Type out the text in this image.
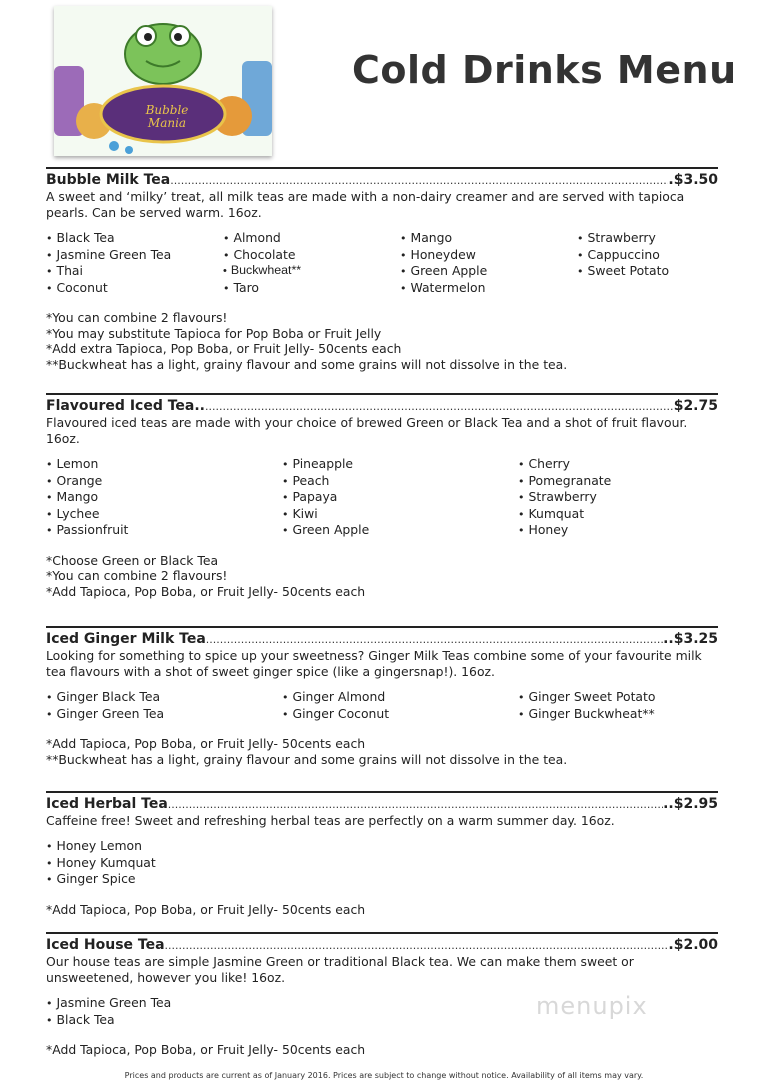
Bubble Mania
Cold Drinks Menu
Bubble Milk Tea .....	.$3.50
A sweet and ‘milky’ treat, all milk teas are made with a non-dairy creamer and are served with tapioca pearls. Can be served warm. 16oz.
• Black Tea	• Almond	• Mango	• Strawberry
• Jasmine Green Tea	• Chocolate	• Honeydew	• Cappuccino
• Thai	• Buckwheat**	• Green Apple	• Sweet Potato
• Coconut	• Taro	• Watermelon
*You can combine 2 flavours!
*You may substitute Tapioca for Pop Boba or Fruit Jelly
*Add extra Tapioca, Pop Boba, or Fruit Jelly- 50cents each
**Buckwheat has a light, grainy flavour and some grains will not dissolve in the tea.
Flavoured Iced Tea.. .....	$2.75
Flavoured iced teas are made with your choice of brewed Green or Black Tea and a shot of fruit flavour. 16oz.
• Lemon	• Pineapple	• Cherry
• Orange	• Peach	• Pomegranate
• Mango	• Papaya	• Strawberry
• Lychee	• Kiwi	• Kumquat
• Passionfruit	• Green Apple	• Honey
*Choose Green or Black Tea
*You can combine 2 flavours!
*Add Tapioca, Pop Boba, or Fruit Jelly- 50cents each
Iced Ginger Milk Tea .....	..$3.25
Looking for something to spice up your sweetness? Ginger Milk Teas combine some of your favourite milk tea flavours with a shot of sweet ginger spice (like a gingersnap!). 16oz.
• Ginger Black Tea	• Ginger Almond	• Ginger Sweet Potato
• Ginger Green Tea	• Ginger Coconut	• Ginger Buckwheat**
*Add Tapioca, Pop Boba, or Fruit Jelly- 50cents each
**Buckwheat has a light, grainy flavour and some grains will not dissolve in the tea.
Iced Herbal Tea .....	..$2.95
Caffeine free! Sweet and refreshing herbal teas are perfectly on a warm summer day. 16oz.
• Honey Lemon
• Honey Kumquat
• Ginger Spice
*Add Tapioca, Pop Boba, or Fruit Jelly- 50cents each
Iced House Tea .....	.$2.00
Our house teas are simple Jasmine Green or traditional Black tea. We can make them sweet or unsweetened, however you like! 16oz.
• Jasmine Green Tea
• Black Tea
*Add Tapioca, Pop Boba, or Fruit Jelly- 50cents each
menupix
Prices and products are current as of January 2016. Prices are subject to change without notice. Availability of all items may vary.
